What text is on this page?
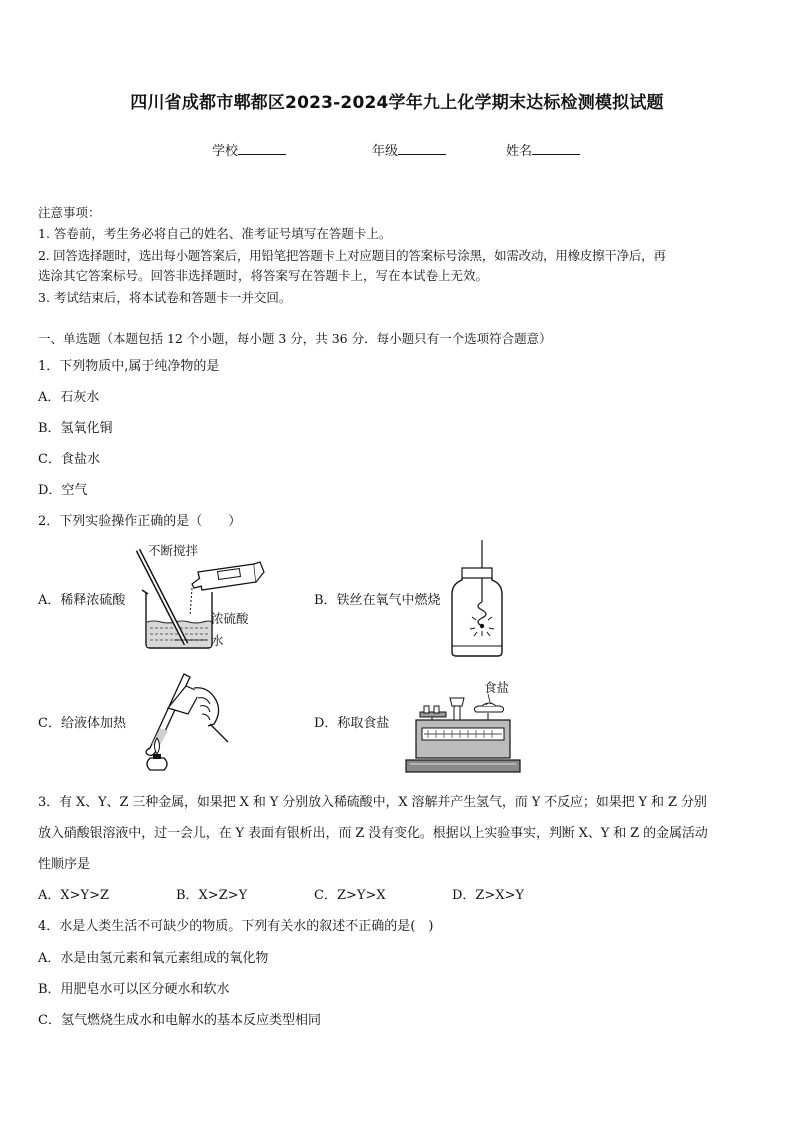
四川省成都市郫都区2023-2024学年九上化学期末达标检测模拟试题
学校	年级	姓名
注意事项：
1. 答卷前，考生务必将自己的姓名、准考证号填写在答题卡上。
2. 回答选择题时，选出每小题答案后，用铅笔把答题卡上对应题目的答案标号涂黑，如需改动，用橡皮擦干净后，再
选涂其它答案标号。回答非选择题时，将答案写在答题卡上，写在本试卷上无效。
3. 考试结束后，将本试卷和答题卡一并交回。
一、单选题（本题包括 12 个小题，每小题 3 分，共 36 分．每小题只有一个选项符合题意）
1．下列物质中,属于纯净物的是
A．石灰水
B．氢氧化铜
C．食盐水
D．空气
2．下列实验操作正确的是（　　）
A．稀释浓硫酸	B．铁丝在氧气中燃烧
C．给液体加热	D．称取食盐
不断搅拌
浓硫酸
水
食盐
3．有 X、Y、Z 三种金属，如果把 X 和 Y 分别放入稀硫酸中，X 溶解并产生氢气，而 Y 不反应；如果把 Y 和 Z 分别
放入硝酸银溶液中，过一会儿，在 Y 表面有银析出，而 Z 没有变化。根据以上实验事实，判断 X、Y 和 Z 的金属活动
性顺序是
A．X>Y>Z	B．X>Z>Y	C．Z>Y>X	D．Z>X>Y
4．水是人类生活不可缺少的物质。下列有关水的叙述不正确的是(　)
A．水是由氢元素和氧元素组成的氧化物
B．用肥皂水可以区分硬水和软水
C．氢气燃烧生成水和电解水的基本反应类型相同
